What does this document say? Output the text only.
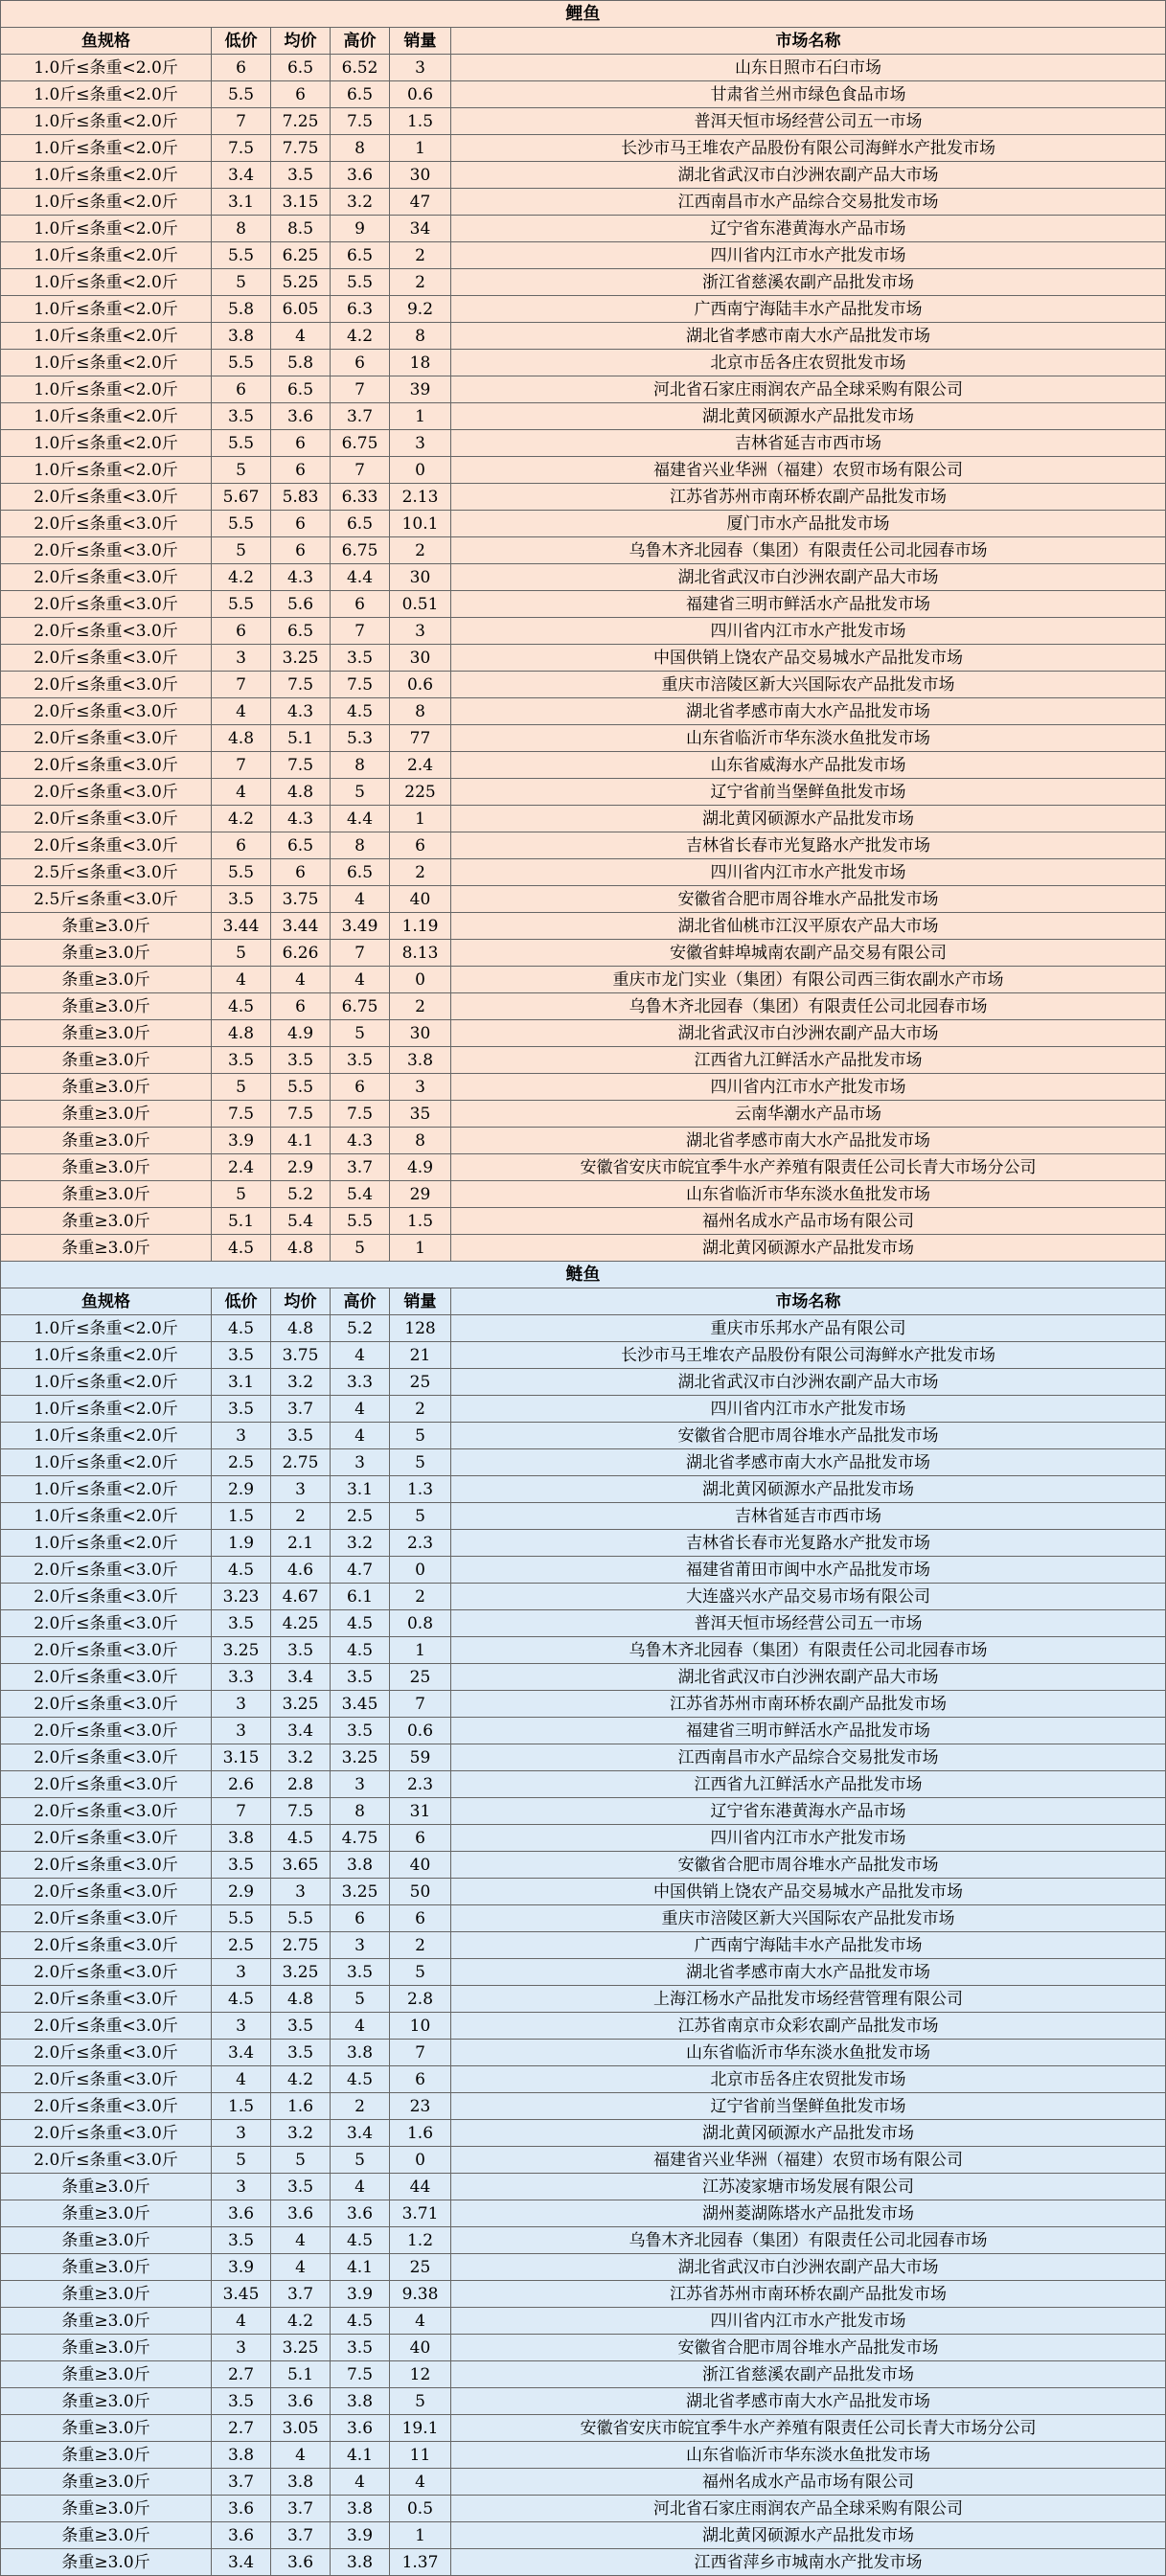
鲤鱼					
鱼规格	低价	均价	高价	销量	市场名称
1.0斤≤条重<2.0斤	6	6.5	6.52	3	山东日照市石臼市场
1.0斤≤条重<2.0斤	5.5	6	6.5	0.6	甘肃省兰州市绿色食品市场
1.0斤≤条重<2.0斤	7	7.25	7.5	1.5	普洱天恒市场经营公司五一市场
1.0斤≤条重<2.0斤	7.5	7.75	8	1	长沙市马王堆农产品股份有限公司海鲜水产批发市场
1.0斤≤条重<2.0斤	3.4	3.5	3.6	30	湖北省武汉市白沙洲农副产品大市场
1.0斤≤条重<2.0斤	3.1	3.15	3.2	47	江西南昌市水产品综合交易批发市场
1.0斤≤条重<2.0斤	8	8.5	9	34	辽宁省东港黄海水产品市场
1.0斤≤条重<2.0斤	5.5	6.25	6.5	2	四川省内江市水产批发市场
1.0斤≤条重<2.0斤	5	5.25	5.5	2	浙江省慈溪农副产品批发市场
1.0斤≤条重<2.0斤	5.8	6.05	6.3	9.2	广西南宁海陆丰水产品批发市场
1.0斤≤条重<2.0斤	3.8	4	4.2	8	湖北省孝感市南大水产品批发市场
1.0斤≤条重<2.0斤	5.5	5.8	6	18	北京市岳各庄农贸批发市场
1.0斤≤条重<2.0斤	6	6.5	7	39	河北省石家庄雨润农产品全球采购有限公司
1.0斤≤条重<2.0斤	3.5	3.6	3.7	1	湖北黄冈硕源水产品批发市场
1.0斤≤条重<2.0斤	5.5	6	6.75	3	吉林省延吉市西市场
1.0斤≤条重<2.0斤	5	6	7	0	福建省兴业华洲（福建）农贸市场有限公司
2.0斤≤条重<3.0斤	5.67	5.83	6.33	2.13	江苏省苏州市南环桥农副产品批发市场
2.0斤≤条重<3.0斤	5.5	6	6.5	10.1	厦门市水产品批发市场
2.0斤≤条重<3.0斤	5	6	6.75	2	乌鲁木齐北园春（集团）有限责任公司北园春市场
2.0斤≤条重<3.0斤	4.2	4.3	4.4	30	湖北省武汉市白沙洲农副产品大市场
2.0斤≤条重<3.0斤	5.5	5.6	6	0.51	福建省三明市鲜活水产品批发市场
2.0斤≤条重<3.0斤	6	6.5	7	3	四川省内江市水产批发市场
2.0斤≤条重<3.0斤	3	3.25	3.5	30	中国供销上饶农产品交易城水产品批发市场
2.0斤≤条重<3.0斤	7	7.5	7.5	0.6	重庆市涪陵区新大兴国际农产品批发市场
2.0斤≤条重<3.0斤	4	4.3	4.5	8	湖北省孝感市南大水产品批发市场
2.0斤≤条重<3.0斤	4.8	5.1	5.3	77	山东省临沂市华东淡水鱼批发市场
2.0斤≤条重<3.0斤	7	7.5	8	2.4	山东省威海水产品批发市场
2.0斤≤条重<3.0斤	4	4.8	5	225	辽宁省前当堡鲜鱼批发市场
2.0斤≤条重<3.0斤	4.2	4.3	4.4	1	湖北黄冈硕源水产品批发市场
2.0斤≤条重<3.0斤	6	6.5	8	6	吉林省长春市光复路水产批发市场
2.5斤≤条重<3.0斤	5.5	6	6.5	2	四川省内江市水产批发市场
2.5斤≤条重<3.0斤	3.5	3.75	4	40	安徽省合肥市周谷堆水产品批发市场
条重≥3.0斤	3.44	3.44	3.49	1.19	湖北省仙桃市江汉平原农产品大市场
条重≥3.0斤	5	6.26	7	8.13	安徽省蚌埠城南农副产品交易有限公司
条重≥3.0斤	4	4	4	0	重庆市龙门实业（集团）有限公司西三街农副水产市场
条重≥3.0斤	4.5	6	6.75	2	乌鲁木齐北园春（集团）有限责任公司北园春市场
条重≥3.0斤	4.8	4.9	5	30	湖北省武汉市白沙洲农副产品大市场
条重≥3.0斤	3.5	3.5	3.5	3.8	江西省九江鲜活水产品批发市场
条重≥3.0斤	5	5.5	6	3	四川省内江市水产批发市场
条重≥3.0斤	7.5	7.5	7.5	35	云南华潮水产品市场
条重≥3.0斤	3.9	4.1	4.3	8	湖北省孝感市南大水产品批发市场
条重≥3.0斤	2.4	2.9	3.7	4.9	安徽省安庆市皖宜季牛水产养殖有限责任公司长青大市场分公司
条重≥3.0斤	5	5.2	5.4	29	山东省临沂市华东淡水鱼批发市场
条重≥3.0斤	5.1	5.4	5.5	1.5	福州名成水产品市场有限公司
条重≥3.0斤	4.5	4.8	5	1	湖北黄冈硕源水产品批发市场
鲢鱼					
鱼规格	低价	均价	高价	销量	市场名称
1.0斤≤条重<2.0斤	4.5	4.8	5.2	128	重庆市乐邦水产品有限公司
1.0斤≤条重<2.0斤	3.5	3.75	4	21	长沙市马王堆农产品股份有限公司海鲜水产批发市场
1.0斤≤条重<2.0斤	3.1	3.2	3.3	25	湖北省武汉市白沙洲农副产品大市场
1.0斤≤条重<2.0斤	3.5	3.7	4	2	四川省内江市水产批发市场
1.0斤≤条重<2.0斤	3	3.5	4	5	安徽省合肥市周谷堆水产品批发市场
1.0斤≤条重<2.0斤	2.5	2.75	3	5	湖北省孝感市南大水产品批发市场
1.0斤≤条重<2.0斤	2.9	3	3.1	1.3	湖北黄冈硕源水产品批发市场
1.0斤≤条重<2.0斤	1.5	2	2.5	5	吉林省延吉市西市场
1.0斤≤条重<2.0斤	1.9	2.1	3.2	2.3	吉林省长春市光复路水产批发市场
2.0斤≤条重<3.0斤	4.5	4.6	4.7	0	福建省莆田市闽中水产品批发市场
2.0斤≤条重<3.0斤	3.23	4.67	6.1	2	大连盛兴水产品交易市场有限公司
2.0斤≤条重<3.0斤	3.5	4.25	4.5	0.8	普洱天恒市场经营公司五一市场
2.0斤≤条重<3.0斤	3.25	3.5	4.5	1	乌鲁木齐北园春（集团）有限责任公司北园春市场
2.0斤≤条重<3.0斤	3.3	3.4	3.5	25	湖北省武汉市白沙洲农副产品大市场
2.0斤≤条重<3.0斤	3	3.25	3.45	7	江苏省苏州市南环桥农副产品批发市场
2.0斤≤条重<3.0斤	3	3.4	3.5	0.6	福建省三明市鲜活水产品批发市场
2.0斤≤条重<3.0斤	3.15	3.2	3.25	59	江西南昌市水产品综合交易批发市场
2.0斤≤条重<3.0斤	2.6	2.8	3	2.3	江西省九江鲜活水产品批发市场
2.0斤≤条重<3.0斤	7	7.5	8	31	辽宁省东港黄海水产品市场
2.0斤≤条重<3.0斤	3.8	4.5	4.75	6	四川省内江市水产批发市场
2.0斤≤条重<3.0斤	3.5	3.65	3.8	40	安徽省合肥市周谷堆水产品批发市场
2.0斤≤条重<3.0斤	2.9	3	3.25	50	中国供销上饶农产品交易城水产品批发市场
2.0斤≤条重<3.0斤	5.5	5.5	6	6	重庆市涪陵区新大兴国际农产品批发市场
2.0斤≤条重<3.0斤	2.5	2.75	3	2	广西南宁海陆丰水产品批发市场
2.0斤≤条重<3.0斤	3	3.25	3.5	5	湖北省孝感市南大水产品批发市场
2.0斤≤条重<3.0斤	4.5	4.8	5	2.8	上海江杨水产品批发市场经营管理有限公司
2.0斤≤条重<3.0斤	3	3.5	4	10	江苏省南京市众彩农副产品批发市场
2.0斤≤条重<3.0斤	3.4	3.5	3.8	7	山东省临沂市华东淡水鱼批发市场
2.0斤≤条重<3.0斤	4	4.2	4.5	6	北京市岳各庄农贸批发市场
2.0斤≤条重<3.0斤	1.5	1.6	2	23	辽宁省前当堡鲜鱼批发市场
2.0斤≤条重<3.0斤	3	3.2	3.4	1.6	湖北黄冈硕源水产品批发市场
2.0斤≤条重<3.0斤	5	5	5	0	福建省兴业华洲（福建）农贸市场有限公司
条重≥3.0斤	3	3.5	4	44	江苏凌家塘市场发展有限公司
条重≥3.0斤	3.6	3.6	3.6	3.71	湖州菱湖陈塔水产品批发市场
条重≥3.0斤	3.5	4	4.5	1.2	乌鲁木齐北园春（集团）有限责任公司北园春市场
条重≥3.0斤	3.9	4	4.1	25	湖北省武汉市白沙洲农副产品大市场
条重≥3.0斤	3.45	3.7	3.9	9.38	江苏省苏州市南环桥农副产品批发市场
条重≥3.0斤	4	4.2	4.5	4	四川省内江市水产批发市场
条重≥3.0斤	3	3.25	3.5	40	安徽省合肥市周谷堆水产品批发市场
条重≥3.0斤	2.7	5.1	7.5	12	浙江省慈溪农副产品批发市场
条重≥3.0斤	3.5	3.6	3.8	5	湖北省孝感市南大水产品批发市场
条重≥3.0斤	2.7	3.05	3.6	19.1	安徽省安庆市皖宜季牛水产养殖有限责任公司长青大市场分公司
条重≥3.0斤	3.8	4	4.1	11	山东省临沂市华东淡水鱼批发市场
条重≥3.0斤	3.7	3.8	4	4	福州名成水产品市场有限公司
条重≥3.0斤	3.6	3.7	3.8	0.5	河北省石家庄雨润农产品全球采购有限公司
条重≥3.0斤	3.6	3.7	3.9	1	湖北黄冈硕源水产品批发市场
条重≥3.0斤	3.4	3.6	3.8	1.37	江西省萍乡市城南水产批发市场
